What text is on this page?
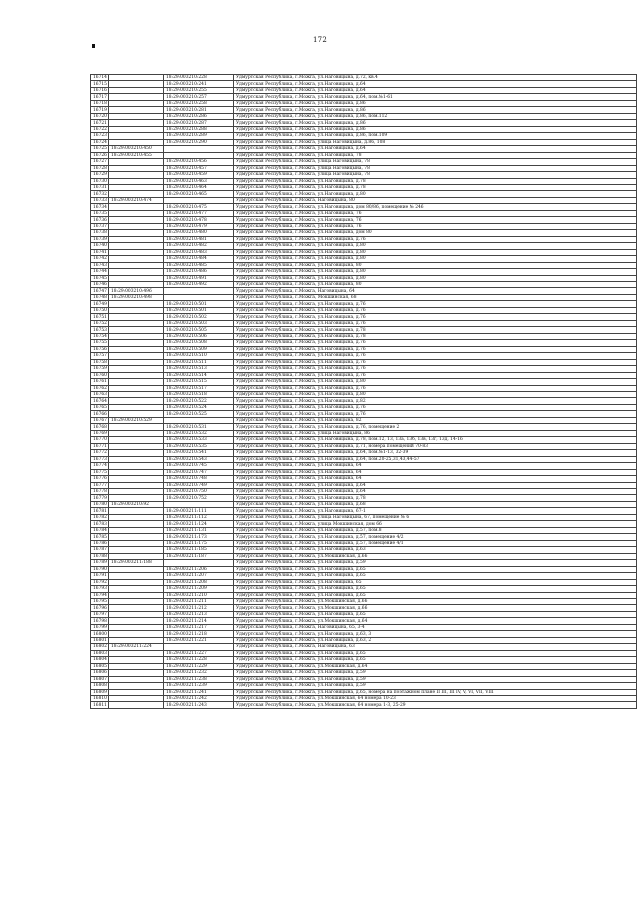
172
16714		18:29:003210:228	Удмуртская Республика, г.Можга, ул.Наговицына, д.72, кв.4
16715		18:29:003210:241	Удмуртская Республика, г.Можга, ул.Наговицына, д.64
16716		18:29:003210:255	Удмуртская Республика, г.Можга, ул.Наговицына, д.64
16717		18:29:003210:257	Удмуртская Республика, г.Можга, ул.Наговицына, д.64, пом.№1-61
16718		18:29:003210:258	Удмуртская Республика, г.Можга, ул.Наговицына, д.86
16719		18:29:003210:281	Удмуртская Республика, г.Можга, ул.Наговицына, д.86
16720		18:29:003210:286	Удмуртская Республика, г.Можга, ул.Наговицына, д.86, пом.112
16721		18:29:003210:287	Удмуртская Республика, г.Можга, ул.Наговицына, д.86
16722		18:29:003210:288	Удмуртская Республика, г.Можга, ул.Наговицына, д.86
16723		18:29:003210:289	Удмуртская Республика, г.Можга, ул.Наговицына, д.86, пом.109
16724		18:29:003210:290	Удмуртская Республика, г.Можга, улица Наговицына, д.86, 108
16725	18:29:003210:450		Удмуртская Республика, г.Можга, ул.Наговицына, д.64
16726	18:29:003210:455		Удмуртская Республика, г.Можга, ул.Наговицына, 78
16727		18:29:003210:456	Удмуртская Республика, г.Можга, улица Наговицына, 78
16728		18:29:003210:457	Удмуртская Республика, г.Можга, улица Наговицына, 78
16729		18:29:003210:459	Удмуртская Республика, г.Можга, улица Наговицына, 78
16730		18:29:003210:463	Удмуртская Республика, г.Можга, ул.Наговицына, д.78
16731		18:29:003210:464	Удмуртская Республика, г.Можга, ул.Наговицына, д.78
16732		18:29:003210:465	Удмуртская Республика, г.Можга, ул.Наговицына, д.80
16733	18:29:003210:474		Удмуртская Республика, г.Можга, Наговицына, 80
16734		18:29:003210:475	Удмуртская Республика, г.Можга, ул.Наговицына, дом 80/86, помещение № 246
16735		18:29:003210:477	Удмуртская Республика, г.Можга, ул.Наговицына, 76
16736		18:29:003210:478	Удмуртская Республика, г.Можга, ул.Наговицына, 76
16737		18:29:003210:479	Удмуртская Республика, г.Можга, ул.Наговицына, 76
16738		18:29:003210:480	Удмуртская Республика, г.Можга, ул.Наговицына, дом 80
16739		18:29:003210:481	Удмуртская Республика, г.Можга, ул.Наговицына, д.76
16740		18:29:003210:482	Удмуртская Республика, г.Можга, ул.Наговицына, д.80
16741		18:29:003210:483	Удмуртская Республика, г.Можга, ул.Наговицына, д.80
16742		18:29:003210:484	Удмуртская Республика, г.Можга, ул.Наговицына, д.80
16743		18:29:003210:485	Удмуртская Республика, г.Можга, ул.Наговицына, 80
16744		18:29:003210:486	Удмуртская Республика, г.Можга, ул.Наговицына, д.80
16745		18:29:003210:491	Удмуртская Республика, г.Можга, ул.Наговицына, д.80
16746		18:29:003210:492	Удмуртская Республика, г.Можга, ул.Наговицына, 80
16747	18:29:003210:496		Удмуртская Республика, г.Можга, Наговицына, 64
16748	18:29:003210:498		Удмуртская Республика, г.Можга, Мокшинская, 68
16749		18:29:003210:501	Удмуртская Республика, г.Можга, ул.Наговицына, д.76
16750		18:29:003210:501	Удмуртская Республика, г.Можга, ул.Наговицына, д.76
16751		18:29:003210:502	Удмуртская Республика, г.Можга, ул.Наговицына, д.76
16752		18:29:003210:503	Удмуртская Республика, г.Можга, ул.Наговицына, д.76
16753		18:29:003210:505	Удмуртская Республика, г.Можга, ул.Наговицына, д.78
16754		18:29:003210:506	Удмуртская Республика, г.Можга, ул.Наговицына, д.78
16755		18:29:003210:508	Удмуртская Республика, г.Можга, ул.Наговицына, д.76
16756		18:29:003210:509	Удмуртская Республика, г.Можга, ул.Наговицына, д.76
16757		18:29:003210:510	Удмуртская Республика, г.Можга, ул.Наговицына, д.76
16758		18:29:003210:511	Удмуртская Республика, г.Можга, ул.Наговицына, д.76
16759		18:29:003210:513	Удмуртская Республика, г.Можга, ул.Наговицына, д.76
16760		18:29:003210:514	Удмуртская Республика, г.Можга, ул.Наговицына, д.76
16761		18:29:003210:515	Удмуртская Республика, г.Можга, ул.Наговицына, д.80
16762		18:29:003210:517	Удмуртская Республика, г.Можга, ул.Наговицына, д.76
16763		18:29:003210:518	Удмуртская Республика, г.Можга, ул.Наговицына, д.80
16764		18:29:003210:522	Удмуртская Республика, г.Можга, ул.Наговицына, д.82
16765		18:29:003210:524	Удмуртская Республика, г.Можга, ул.Наговицына, д.76
16766		18:29:003210:525	Удмуртская Республика, г.Можга, ул.Наговицына, д.76
16767	18:29:003210:529		Удмуртская Республика, г.Можга, ул.Наговицына, 82
16768		18:29:003210:531	Удмуртская Республика, г.Можга, ул.Наговицына, д.76, помещение 2
16769		18:29:003210:532	Удмуртская Республика, г.Можга, улица Наговицына, 86
16770		18:29:003210:533	Удмуртская Республика, г.Можга, ул.Наговицына, д.78, пом.12, 13, 13а, 13б, 13в, 13г, 13д, 14-16
16771		18:29:003210:535	Удмуртская Республика, г.Можга, ул.Наговицына, д.71, номера помещений 70-83
16772		18:29:003210:541	Удмуртская Республика, г.Можга, ул.Наговицына, д.64, пом.№1-13, 32-39
16773		18:29:003210:543	Удмуртская Республика, г.Можга, ул.Наговицына, д.64, пом.20-25,31,43,44-57
16774		18:29:003210:745	Удмуртская Республика, г.Можга, ул.Наговицына, 64
16775		18:29:003210:747	Удмуртская Республика, г.Можга, ул.Наговицына, 64
16776		18:29:003210:748	Удмуртская Республика, г.Можга, ул.Наговицына, 64
16777		18:29:003210:749	Удмуртская Республика, г.Можга, ул.Наговицына, д.64
16778		18:29:003210:750	Удмуртская Республика, г.Можга, ул.Наговицына, д.64
16779		18:29:003210:752	Удмуртская Республика, г.Можга, ул.Наговицына, д.78
16780	18:29:003210:92		Удмуртская Республика, г.Можга, ул.Наговицына, д.68
16781		18:29:003211:111	Удмуртская Республика, г.Можга, ул.Наговицына, 67-1
16782		18:29:003211:112	Удмуртская Республика, г.Можга, улица Наговицына, 67, помещение № 6
16783		18:29:003211:124	Удмуртская Республика, г.Можга, улица Мокшинская, дом 66
16784		18:29:003211:131	Удмуртская Республика, г.Можга, ул.Наговицына, д.57, пом.8
16785		18:29:003211:173	Удмуртская Республика, г.Можга, ул.Наговицына, д.57, помещение 4/2
16786		18:29:003211:175	Удмуртская Республика, г.Можга, ул.Наговицына, д.57, помещение 4/1
16787		18:29:003211:185	Удмуртская Республика, г.Можга, ул.Наговицына, д.63
16788		18:29:003211:187	Удмуртская Республика, г.Можга, ул.Мокшинская, д.66
16789	18:29:003211:188		Удмуртская Республика, г.Можга, ул.Наговицына, д.59
16790		18:29:003211:206	Удмуртская Республика, г.Можга, ул.Наговицына, д.65
16791		18:29:003211:207	Удмуртская Республика, г.Можга, ул.Наговицына, д.65
16792		18:29:003211:208	Удмуртская Республика, г.Можга, ул.Наговицына, 65
16793		18:29:003211:209	Удмуртская Республика, г.Можга, ул.Наговицына, д.65
16794		18:29:003211:210	Удмуртская Республика, г.Можга, ул.Наговицына, д.65
16795		18:29:003211:211	Удмуртская Республика, г.Можга, ул.Мокшинская, д.66
16796		18:29:003211:212	Удмуртская Республика, г.Можга, ул.Мокшинская, д.66
16797		18:29:003211:213	Удмуртская Республика, г.Можга, ул.Наговицына, д.65
16798		18:29:003211:214	Удмуртская Республика, г.Можга, ул.Мокшинская, д.64
16799		18:29:003211:217	Удмуртская Республика, г.Можга, Наговицына, 65, 3-4
16800		18:29:003211:218	Удмуртская Республика, г.Можга, ул.Наговицына, д.63, 3
16801		18:29:003211:221	Удмуртская Республика, г.Можга, ул.Наговицына, д.63, 2
16802	18:29:003211:224		Удмуртская Республика, г.Можга, Наговицына, 63
16803		18:29:003211:227	Удмуртская Республика, г.Можга, ул.Наговицына, д.65
16804		18:29:003211:228	Удмуртская Республика, г.Можга, ул.Наговицына, д.65
16805		18:29:003211:229	Удмуртская Республика, г.Можга, ул.Мокшинская, д.64
16806		18:29:003211:232	Удмуртская Республика, г.Можга, ул.Наговицына, д.59
16807		18:29:003211:238	Удмуртская Республика, г.Можга, ул.Наговицына, д.59
16808		18:29:003211:239	Удмуртская Республика, г.Можга, ул.Наговицына, д.59
16809		18:29:003211:241	Удмуртская Республика, г.Можга, ул.Наговицына, д.65, номера на поэтажном плане II III, III IV, V, VI, VII, VIII
16810		18:29:003211:242	Удмуртская Республика, г.Можга, ул.Мокшинская, 64 номера 10-23
16811		18:29:003211:243	Удмуртская Республика, г.Можга, ул.Мокшинская, 64 номера 1-3, 25-29
